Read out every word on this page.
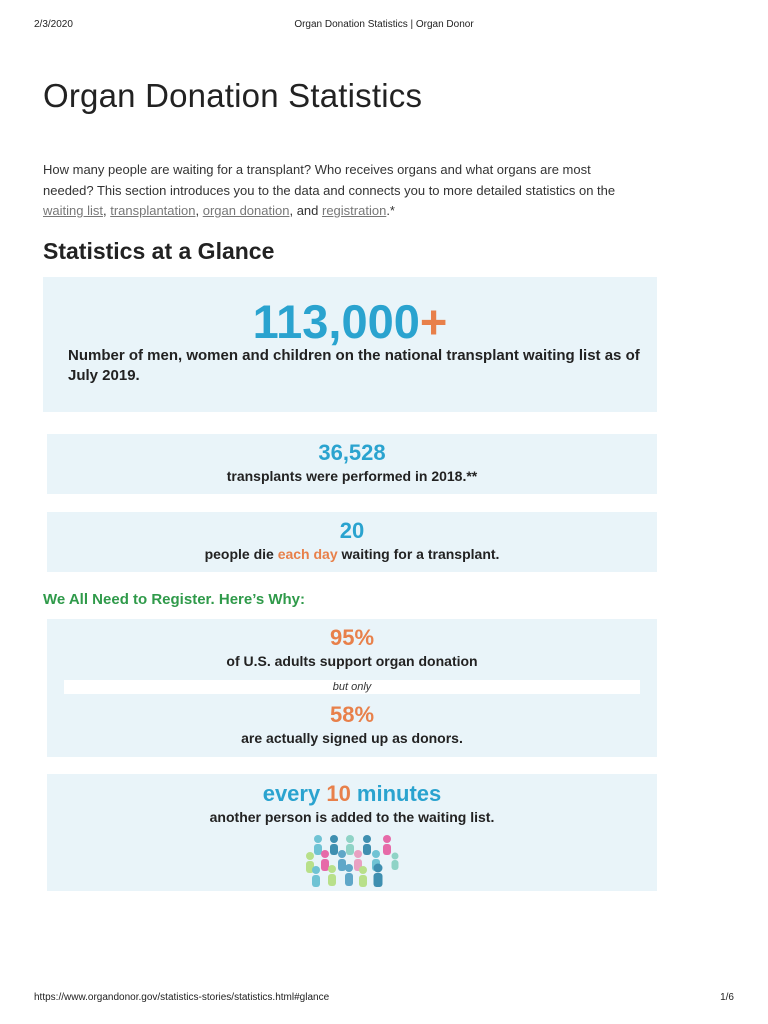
2/3/2020	Organ Donation Statistics | Organ Donor
Organ Donation Statistics

How many people are waiting for a transplant? Who receives organs and what organs are most needed? This section introduces you to the data and connects you to more detailed statistics on the waiting list, transplantation, organ donation, and registration.*

Statistics at a Glance
113,000+
Number of men, women and children on the national transplant waiting list as of July 2019.
36,528
transplants were performed in 2018.**
20
people die each day waiting for a transplant.
We All Need to Register. Here’s Why:
95%
of U.S. adults support organ donation
but only
58%
are actually signed up as donors.
every 10 minutes
another person is added to the waiting list.
https://www.organdonor.gov/statistics-stories/statistics.html#glance	1/6
